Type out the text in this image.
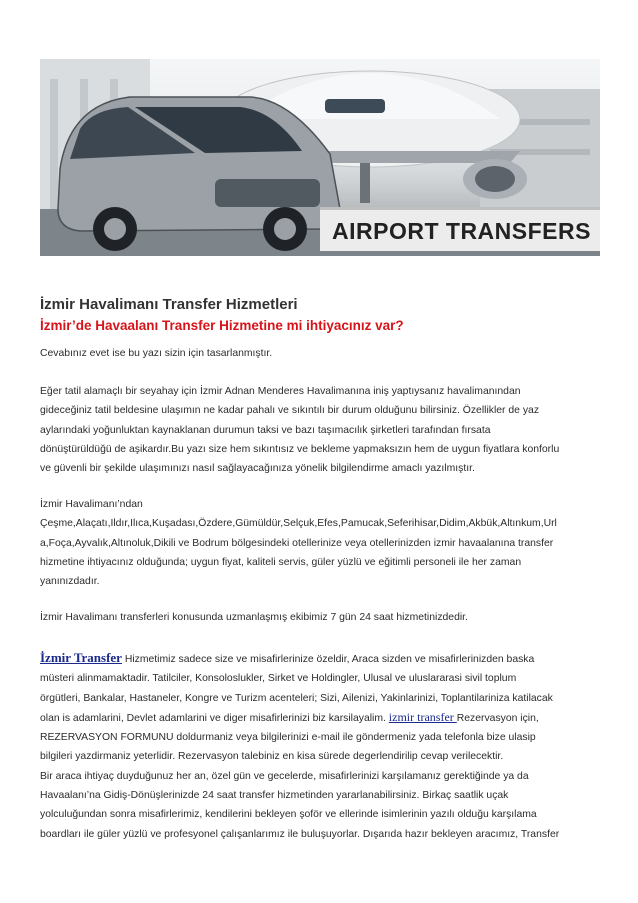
AIRPORT TRANSFERS
İzmir Havalimanı Transfer Hizmetleri
İzmir’de Havaalanı Transfer Hizmetine mi ihtiyacınız var?
Cevabınız evet ise bu yazı sizin için tasarlanmıştır.
Eğer tatil alamaçlı bir seyahay için İzmir Adnan Menderes Havalimanına iniş yaptıysanız havalimanından
gideceğiniz tatil beldesine ulaşımın ne kadar pahalı ve sıkıntılı bir durum olduğunu bilirsiniz. Özellikler de yaz
aylarındaki yoğunluktan kaynaklanan durumun taksi ve bazı taşımacılık şirketleri tarafından fırsata
dönüştürüldüğü de aşikardır.Bu yazı size hem sıkıntısız ve bekleme yapmaksızın hem de uygun fiyatlara konforlu
ve güvenli bir şekilde ulaşımınızı nasıl sağlayacağınıza yönelik bilgilendirme amaclı yazılmıştır.
İzmir Havalimanı’ndan
Çeşme,Alaçatı,Ildır,Ilıca,Kuşadası,Özdere,Gümüldür,Selçuk,Efes,Pamucak,Seferihisar,Didim,Akbük,Altınkum,Url
a,Foça,Ayvalık,Altınoluk,Dikili ve Bodrum bölgesindeki otellerinize veya otellerinizden izmir havaalanına transfer
hizmetine ihtiyacınız olduğunda; uygun fiyat, kaliteli servis, güler yüzlü ve eğitimli personeli ile her zaman
yanınızdadır.
İzmir Havalimanı transferleri konusunda uzmanlaşmış ekibimiz 7 gün 24 saat hizmetinizdedir.
İzmir Transfer Hizmetimiz sadece size ve misafirlerinize özeldir, Araca sizden ve misafirlerinizden baska
müsteri alinmamaktadir. Tatilciler, Konsoloslukler, Sirket ve Holdingler, Ulusal ve uluslararasi sivil toplum
örgütleri, Bankalar, Hastaneler, Kongre ve Turizm acenteleri; Sizi, Ailenizi, Yakinlarinizi, Toplantilariniza katilacak
olan is adamlarini, Devlet adamlarini ve diger misafirlerinizi biz karsilayalim. izmir transfer Rezervasyon için,
REZERVASYON FORMUNU doldurmaniz veya bilgilerinizi e-mail ile göndermeniz yada telefonla bize ulasip
bilgileri yazdirmaniz yeterlidir. Rezervasyon talebiniz en kisa sürede degerlendirilip cevap verilecektir.
Bir araca ihtiyaç duyduğunuz her an, özel gün ve gecelerde, misafirlerinizi karşılamanız gerektiğinde ya da
Havaalanı’na Gidiş-Dönüşlerinizde 24 saat transfer hizmetinden yararlanabilirsiniz. Birkaç saatlik uçak
yolculuğundan sonra misafirlerimiz, kendilerini bekleyen şoför ve ellerinde isimlerinin yazılı olduğu karşılama
boardları ile güler yüzlü ve profesyonel çalışanlarımız ile buluşuyorlar. Dışarıda hazır bekleyen aracımız, Transfer
